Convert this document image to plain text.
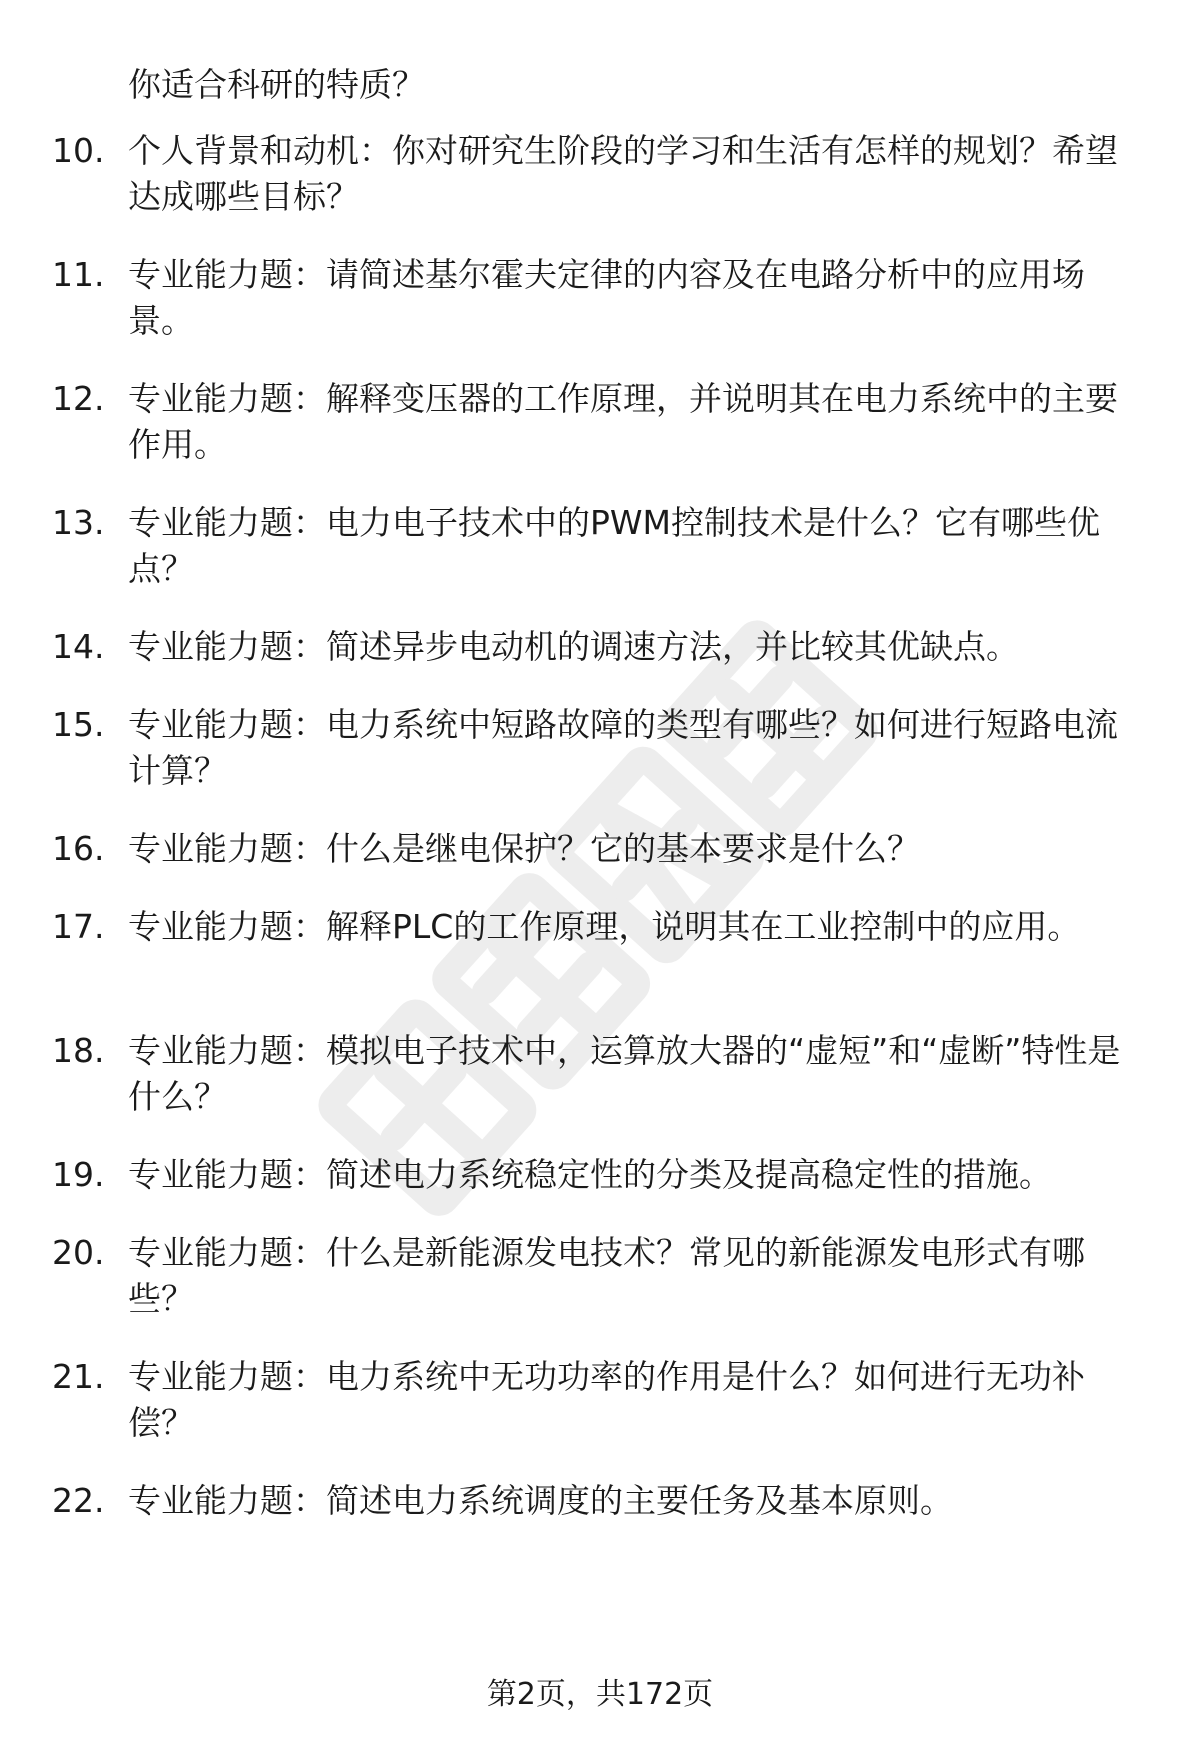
你适合科研的特质？
10. 个人背景和动机：你对研究生阶段的学习和生活有怎样的规划？希望达成哪些目标？
11. 专业能力题：请简述基尔霍夫定律的内容及在电路分析中的应用场景。
12. 专业能力题：解释变压器的工作原理，并说明其在电力系统中的主要作用。
13. 专业能力题：电力电子技术中的PWM控制技术是什么？它有哪些优点？
14. 专业能力题：简述异步电动机的调速方法，并比较其优缺点。
15. 专业能力题：电力系统中短路故障的类型有哪些？如何进行短路电流计算？
16. 专业能力题：什么是继电保护？它的基本要求是什么？
17. 专业能力题：解释PLC的工作原理，说明其在工业控制中的应用。
18. 专业能力题：模拟电子技术中，运算放大器的“虚短”和“虚断”特性是什么？
19. 专业能力题：简述电力系统稳定性的分类及提高稳定性的措施。
20. 专业能力题：什么是新能源发电技术？常见的新能源发电形式有哪些？
21. 专业能力题：电力系统中无功功率的作用是什么？如何进行无功补偿？
22. 专业能力题：简述电力系统调度的主要任务及基本原则。
第2页，共172页
